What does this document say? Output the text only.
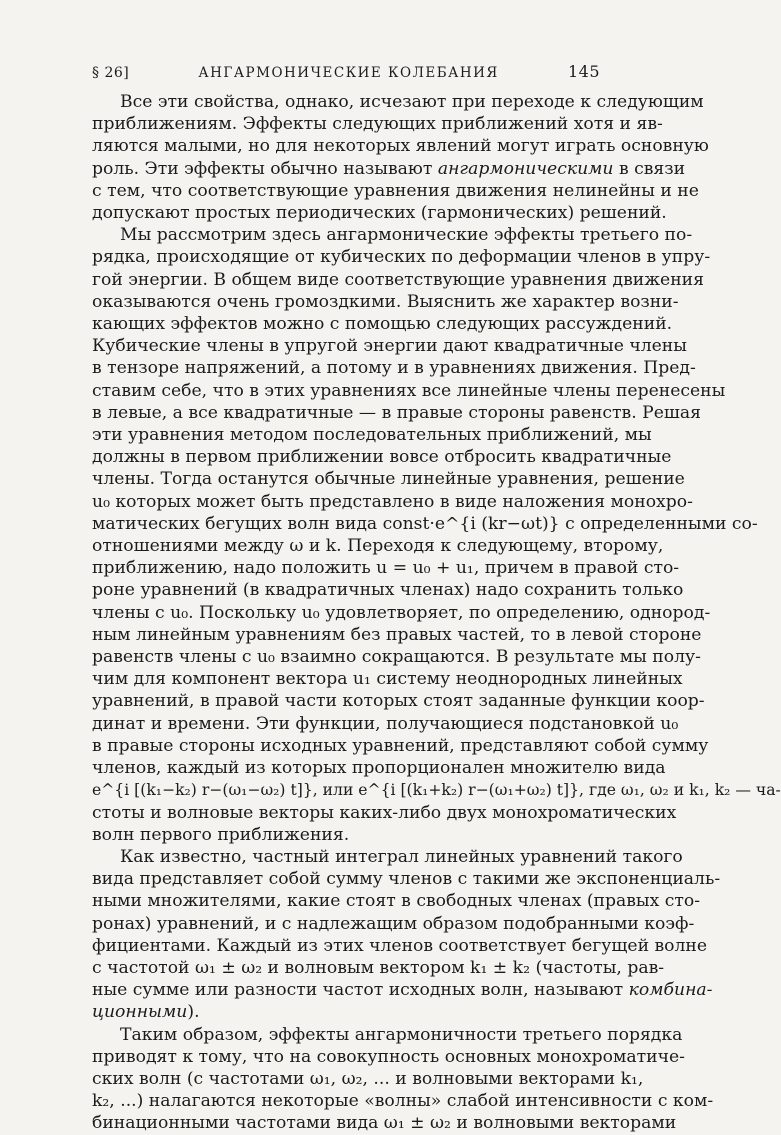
§ 26]	АНГАРМОНИЧЕСКИЕ КОЛЕБАНИЯ	145
Все эти свойства, однако, исчезают при переходе к следующим
приближениям. Эффекты следующих приближений хотя и яв-
ляются малыми, но для некоторых явлений могут играть основную
роль. Эти эффекты обычно называют ангармоническими в связи
с тем, что соответствующие уравнения движения нелинейны и не
допускают простых периодических (гармонических) решений.
Мы рассмотрим здесь ангармонические эффекты третьего по-
рядка, происходящие от кубических по деформации членов в упру-
гой энергии. В общем виде соответствующие уравнения движения
оказываются очень громоздкими. Выяснить же характер возни-
кающих эффектов можно с помощью следующих рассуждений.
Кубические члены в упругой энергии дают квадратичные члены
в тензоре напряжений, а потому и в уравнениях движения. Пред-
ставим себе, что в этих уравнениях все линейные члены перенесены
в левые, а все квадратичные — в правые стороны равенств. Решая
эти уравнения методом последовательных приближений, мы
должны в первом приближении вовсе отбросить квадратичные
члены. Тогда останутся обычные линейные уравнения, решение
u₀ которых может быть представлено в виде наложения монохро-
матических бегущих волн вида const·e^{i (kr−ωt)} с определенными со-
отношениями между ω и k. Переходя к следующему, второму,
приближению, надо положить u = u₀ + u₁, причем в правой сто-
роне уравнений (в квадратичных членах) надо сохранить только
члены с u₀. Поскольку u₀ удовлетворяет, по определению, однород-
ным линейным уравнениям без правых частей, то в левой стороне
равенств члены с u₀ взаимно сокращаются. В результате мы полу-
чим для компонент вектора u₁ систему неоднородных линейных
уравнений, в правой части которых стоят заданные функции коор-
динат и времени. Эти функции, получающиеся подстановкой u₀
в правые стороны исходных уравнений, представляют собой сумму
членов, каждый из которых пропорционален множителю вида
e^{i [(k₁−k₂) r−(ω₁−ω₂) t]}, или e^{i [(k₁+k₂) r−(ω₁+ω₂) t]}, где ω₁, ω₂ и k₁, k₂ — ча-
стоты и волновые векторы каких-либо двух монохроматических
волн первого приближения.
Как известно, частный интеграл линейных уравнений такого
вида представляет собой сумму членов с такими же экспоненциаль-
ными множителями, какие стоят в свободных членах (правых сто-
ронах) уравнений, и с надлежащим образом подобранными коэф-
фициентами. Каждый из этих членов соответствует бегущей волне
с частотой ω₁ ± ω₂ и волновым вектором k₁ ± k₂ (частоты, рав-
ные сумме или разности частот исходных волн, называют комбина-
ционными).
Таким образом, эффекты ангармоничности третьего порядка
приводят к тому, что на совокупность основных монохроматиче-
ских волн (с частотами ω₁, ω₂, ... и волновыми векторами k₁,
k₂, ...) налагаются некоторые «волны» слабой интенсивности с ком-
бинационными частотами вида ω₁ ± ω₂ и волновыми векторами
